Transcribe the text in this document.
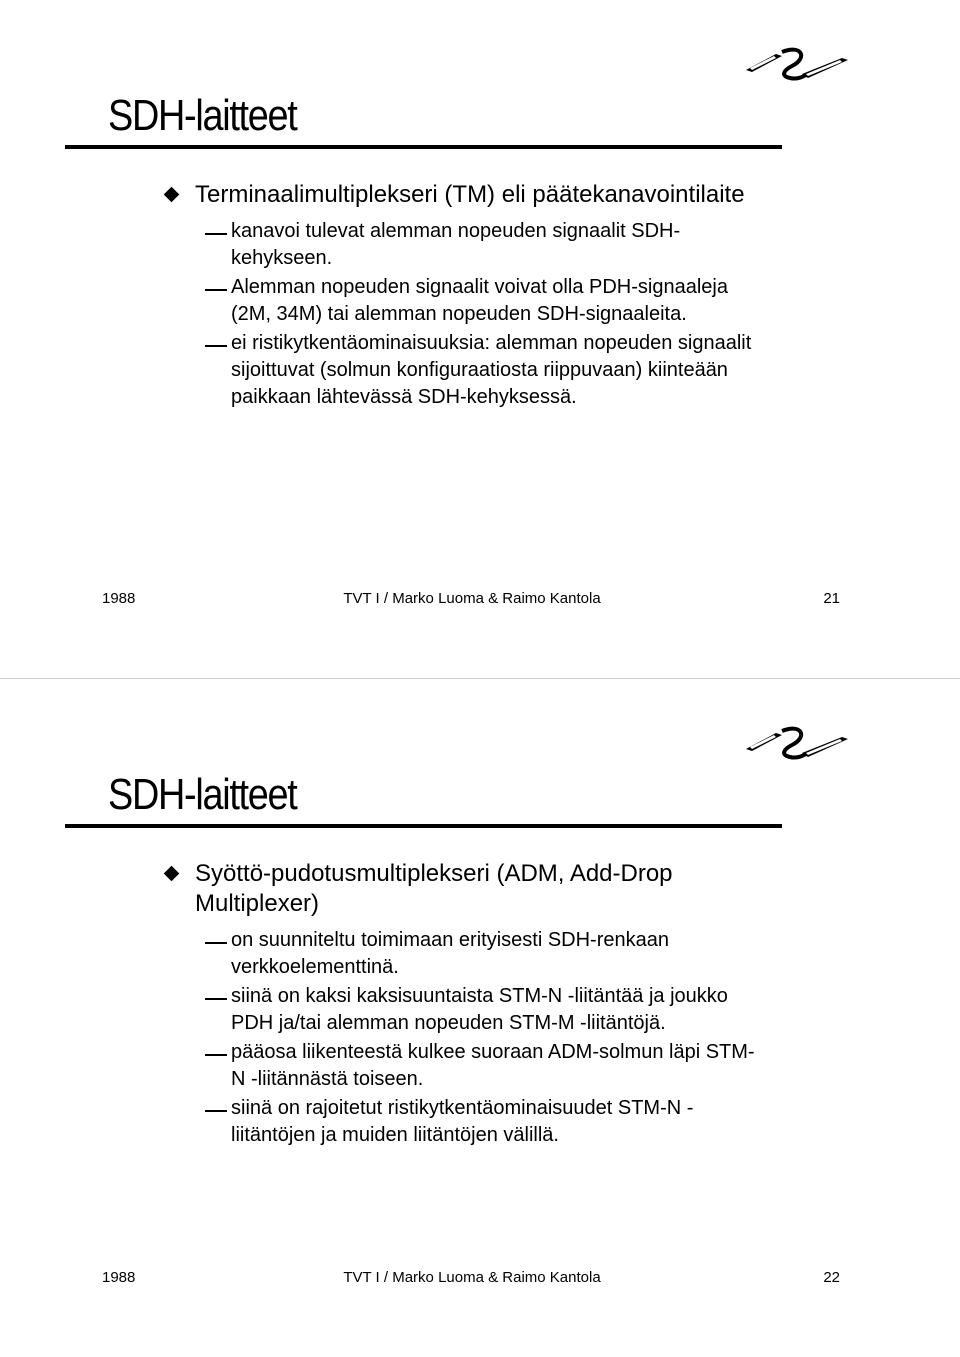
SDH-laitteet
Terminaalimultiplekseri (TM) eli päätekanavointilaite
kanavoi tulevat alemman nopeuden signaalit SDH-
kehykseen.
Alemman nopeuden signaalit voivat olla PDH-signaaleja
(2M, 34M) tai alemman nopeuden SDH-signaaleita.
ei ristikytkentäominaisuuksia: alemman nopeuden signaalit
sijoittuvat (solmun konfiguraatiosta riippuvaan) kiinteään
paikkaan lähtevässä SDH-kehyksessä.
1988	TVT I / Marko Luoma & Raimo Kantola	21
SDH-laitteet
Syöttö-pudotusmultiplekseri (ADM, Add-Drop Multiplexer)
on suunniteltu toimimaan erityisesti SDH-renkaan
verkkoelementtinä.
siinä on kaksi kaksisuuntaista STM-N -liitäntää ja joukko
PDH ja/tai alemman nopeuden STM-M -liitäntöjä.
pääosa liikenteestä kulkee suoraan ADM-solmun läpi STM-
N -liitännästä toiseen.
siinä on rajoitetut ristikytkentäominaisuudet STM-N -
liitäntöjen ja muiden liitäntöjen välillä.
1988	TVT I / Marko Luoma & Raimo Kantola	22
